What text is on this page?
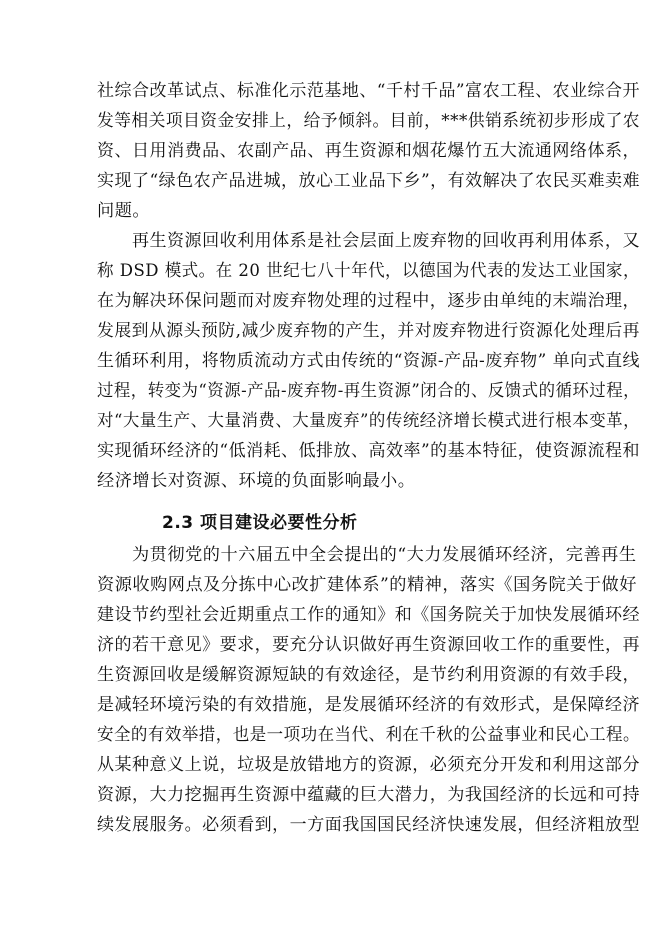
社综合改革试点、标准化示范基地、“千村千品”富农工程、农业综合开
发等相关项目资金安排上，给予倾斜。目前，***供销系统初步形成了农
资、日用消费品、农副产品、再生资源和烟花爆竹五大流通网络体系，
实现了“绿色农产品进城，放心工业品下乡”，有效解决了农民买难卖难
问题。
再生资源回收利用体系是社会层面上废弃物的回收再利用体系，又
称 DSD 模式。在 20 世纪七八十年代，以德国为代表的发达工业国家，
在为解决环保问题而对废弃物处理的过程中，逐步由单纯的末端治理，
发展到从源头预防,减少废弃物的产生，并对废弃物进行资源化处理后再
生循环利用，将物质流动方式由传统的“资源-产品-废弃物” 单向式直线
过程，转变为“资源-产品-废弃物-再生资源”闭合的、反馈式的循环过程，
对“大量生产、大量消费、大量废弃”的传统经济增长模式进行根本变革，
实现循环经济的“低消耗、低排放、高效率”的基本特征，使资源流程和
经济增长对资源、环境的负面影响最小。
2.3 项目建设必要性分析
为贯彻党的十六届五中全会提出的“大力发展循环经济，完善再生
资源收购网点及分拣中心改扩建体系”的精神，落实《国务院关于做好
建设节约型社会近期重点工作的通知》和《国务院关于加快发展循环经
济的若干意见》要求，要充分认识做好再生资源回收工作的重要性，再
生资源回收是缓解资源短缺的有效途径，是节约利用资源的有效手段，
是减轻环境污染的有效措施，是发展循环经济的有效形式，是保障经济
安全的有效举措，也是一项功在当代、利在千秋的公益事业和民心工程。
从某种意义上说，垃圾是放错地方的资源，必须充分开发和利用这部分
资源，大力挖掘再生资源中蕴藏的巨大潜力，为我国经济的长远和可持
续发展服务。必须看到，一方面我国国民经济快速发展，但经济粗放型
